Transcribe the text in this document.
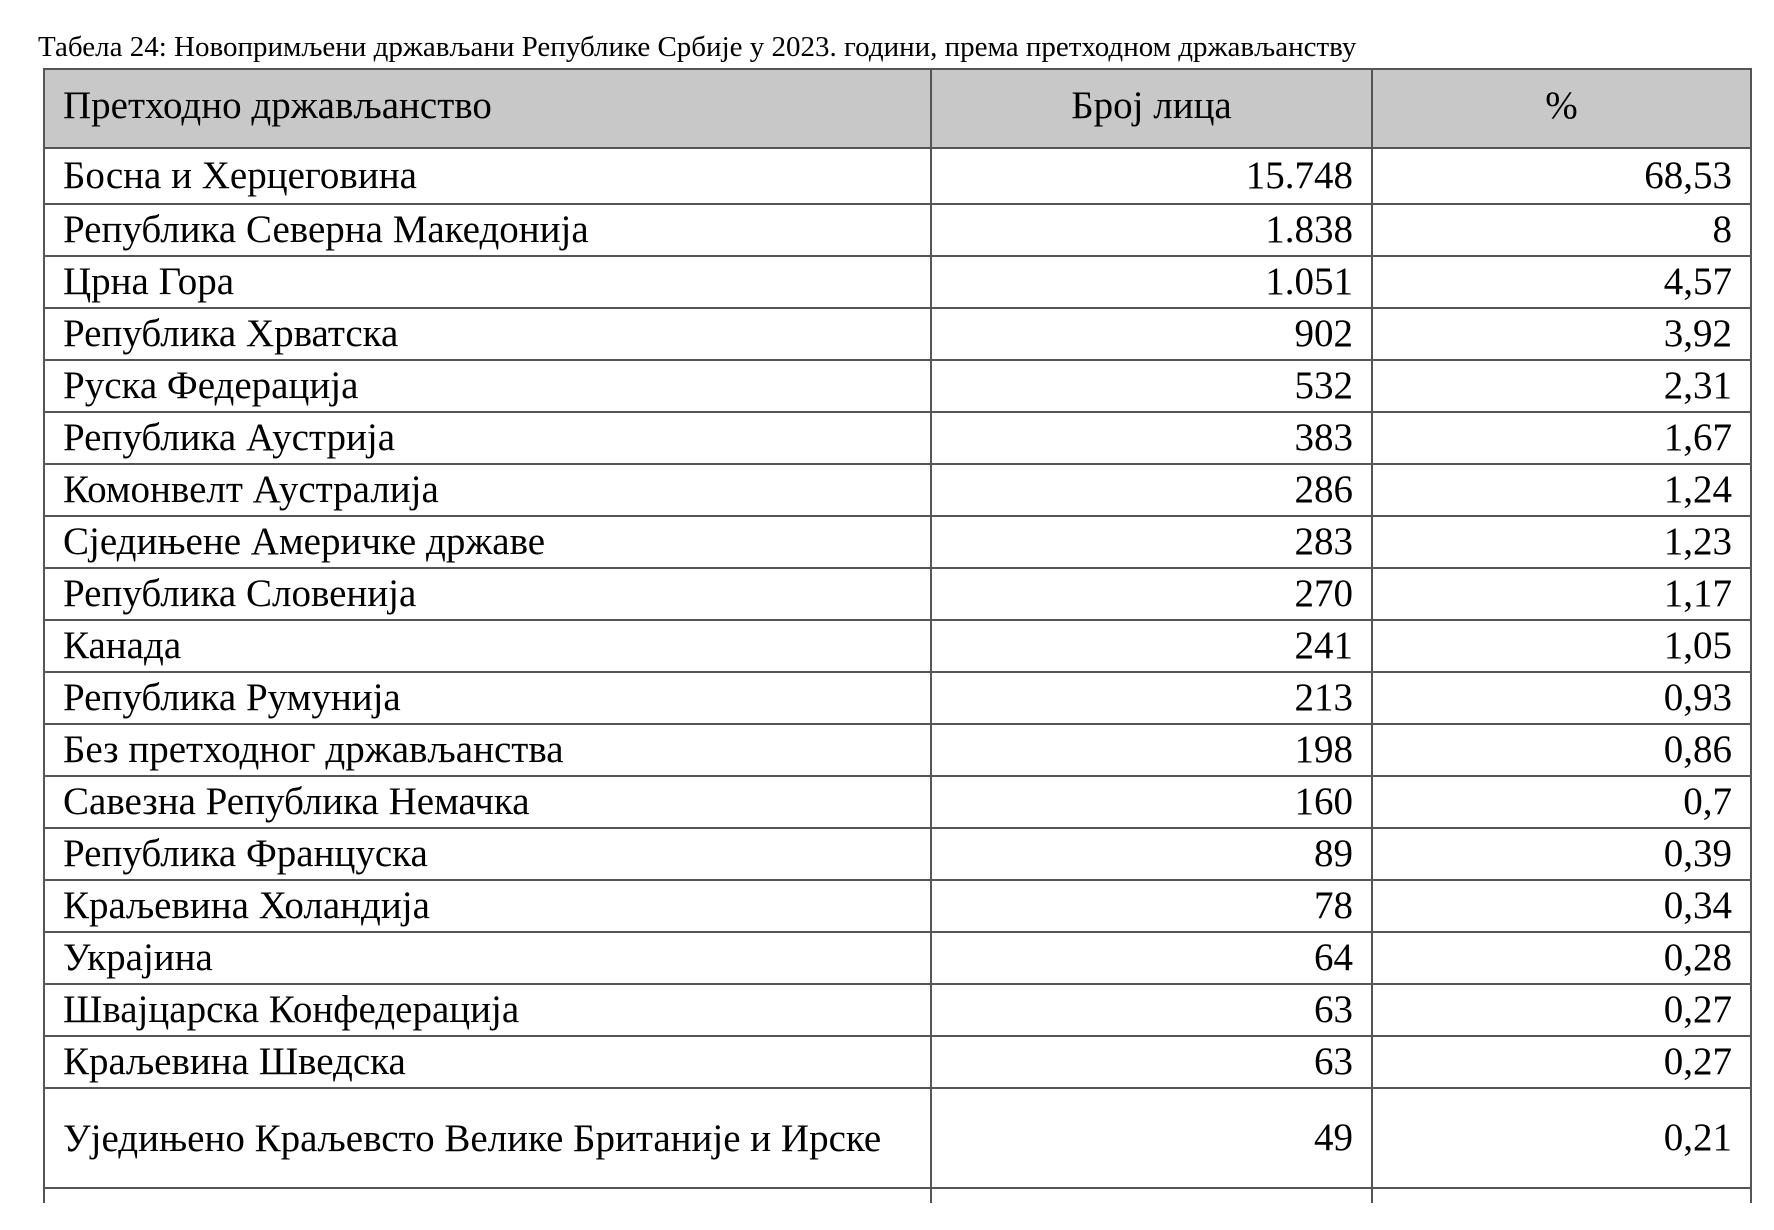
Табела 24: Новопримљени држављани Републике Србије у 2023. години, према претходном држављанству
Претходно држављанство	Број лица	%
Босна и Херцеговина	15.748	68,53
Република Северна Македонија	1.838	8
Црна Гора	1.051	4,57
Република Хрватска	902	3,92
Руска Федерација	532	2,31
Република Аустрија	383	1,67
Комонвелт Аустралија	286	1,24
Сједињене Америчке државе	283	1,23
Република Словенија	270	1,17
Канада	241	1,05
Република Румунија	213	0,93
Без претходног држављанства	198	0,86
Савезна Република Немачка	160	0,7
Република Француска	89	0,39
Краљевина Холандија	78	0,34
Украјина	64	0,28
Швајцарска Конфедерација	63	0,27
Краљевина Шведска	63	0,27
Уједињено Краљевсто Велике Британије и Ирске	49	0,21
